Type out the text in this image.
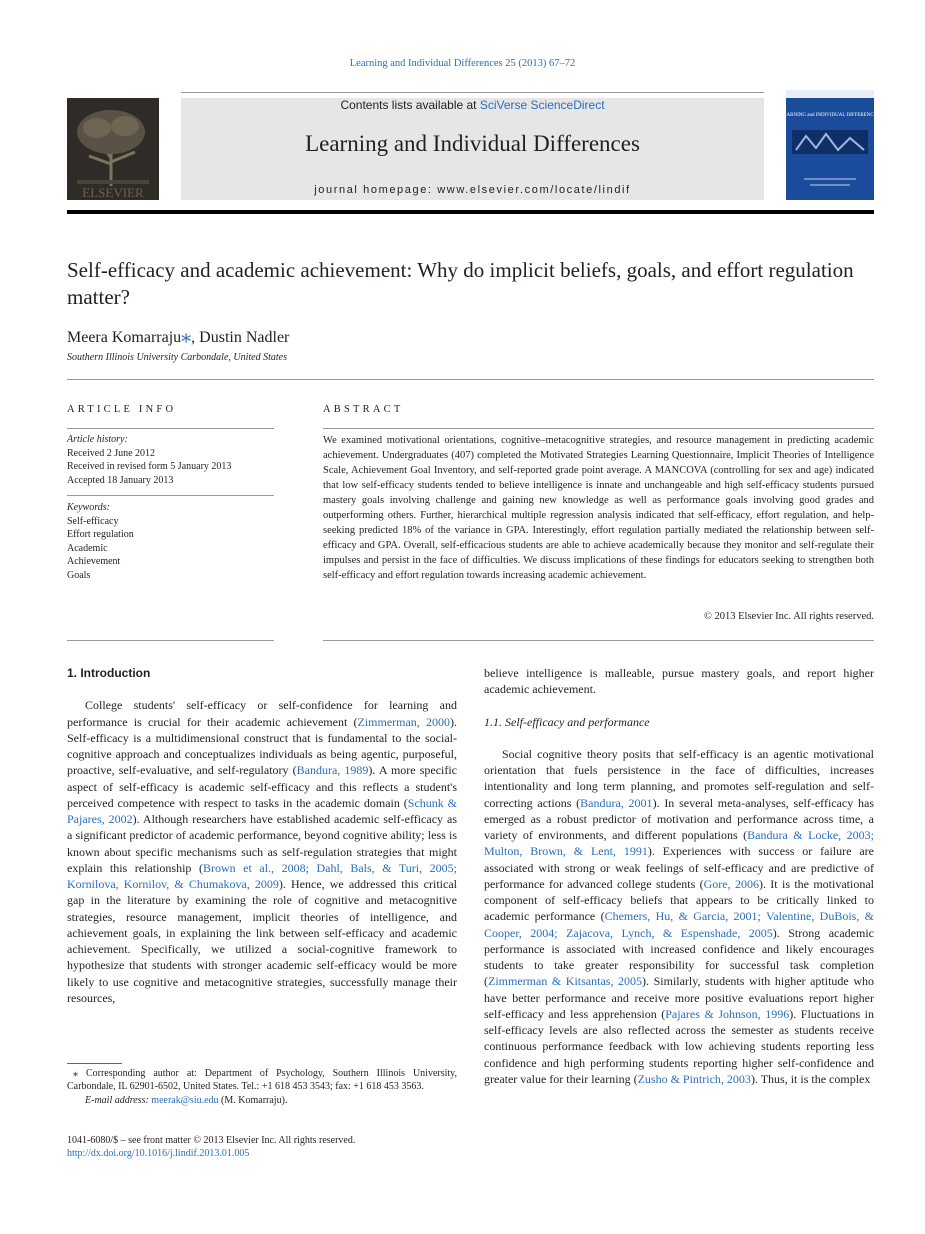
Learning and Individual Differences 25 (2013) 67–72
ELSEVIER
Contents lists available at SciVerse ScienceDirect
Learning and Individual Differences
journal homepage: www.elsevier.com/locate/lindif
LEARNING and INDIVIDUAL DIFFERENCES
Self-efficacy and academic achievement: Why do implicit beliefs, goals, and effort regulation matter?
Meera Komarraju⁎, Dustin Nadler
Southern Illinois University Carbondale, United States
ARTICLE INFO
Article history:
Received 2 June 2012
Received in revised form 5 January 2013
Accepted 18 January 2013
Keywords:
Self-efficacy
Effort regulation
Academic
Achievement
Goals
ABSTRACT
We examined motivational orientations, cognitive–metacognitive strategies, and resource management in predicting academic achievement. Undergraduates (407) completed the Motivated Strategies Learning Questionnaire, Implicit Theories of Intelligence Scale, Achievement Goal Inventory, and self-reported grade point average. A MANCOVA (controlling for sex and age) indicated that low self-efficacy students tended to believe intelligence is innate and unchangeable and high self-efficacy students pursued mastery goals involving challenge and gaining new knowledge as well as performance goals involving good grades and outperforming others. Further, hierarchical multiple regression analysis indicated that self-efficacy, effort regulation, and help-seeking predicted 18% of the variance in GPA. Interestingly, effort regulation partially mediated the relationship between self-efficacy and GPA. Overall, self-efficacious students are able to achieve academically because they monitor and self-regulate their impulses and persist in the face of difficulties. We discuss implications of these findings for educators seeking to strengthen both self-efficacy and effort regulation towards increasing academic achievement.
© 2013 Elsevier Inc. All rights reserved.
1. Introduction

College students' self-efficacy or self-confidence for learning and performance is crucial for their academic achievement (Zimmerman, 2000). Self-efficacy is a multidimensional construct that is fundamental to the social-cognitive approach and conceptualizes individuals as being agentic, purposeful, proactive, self-evaluative, and self-regulatory (Bandura, 1989). A more specific aspect of self-efficacy is academic self-efficacy and this reflects a student's perceived competence with respect to tasks in the academic domain (Schunk & Pajares, 2002). Although researchers have established academic self-efficacy as a significant predictor of academic performance, beyond cognitive ability; less is known about specific mechanisms such as self-regulation strategies that might explain this relationship (Brown et al., 2008; Dahl, Bals, & Turi, 2005; Kornilova, Kornilov, & Chumakova, 2009). Hence, we addressed this critical gap in the literature by examining the role of cognitive and metacognitive strategies, resource management, implicit theories of intelligence, and achievement goals, in explaining the link between self-efficacy and academic achievement. Specifically, we utilized a social-cognitive framework to hypothesize that students with stronger academic self-efficacy would be more likely to use cognitive and metacognitive strategies, successfully manage their resources,

believe intelligence is malleable, pursue mastery goals, and report higher academic achievement.

1.1. Self-efficacy and performance

Social cognitive theory posits that self-efficacy is an agentic motivational orientation that fuels persistence in the face of difficulties, increases intentionality and long term planning, and promotes self-regulation and self-correcting actions (Bandura, 2001). In several meta-analyses, self-efficacy has emerged as a robust predictor of motivation and performance across time, a variety of environments, and different populations (Bandura & Locke, 2003; Multon, Brown, & Lent, 1991). Experiences with success or failure are associated with strong or weak feelings of self-efficacy and are predictive of performance for advanced college students (Gore, 2006). It is the motivational component of self-efficacy beliefs that appears to be critically linked to academic performance (Chemers, Hu, & Garcia, 2001; Valentine, DuBois, & Cooper, 2004; Zajacova, Lynch, & Espenshade, 2005). Strong academic performance is associated with increased confidence and likely encourages students to take greater responsibility for successful task completion (Zimmerman & Kitsantas, 2005). Similarly, students with higher aptitude who have better performance and receive more positive evaluations report higher self-efficacy and less apprehension (Pajares & Johnson, 1996). Fluctuations in self-efficacy levels are also reflected across the semester as students receive continuous performance feedback with low achieving students reporting less confidence and high performing students reporting higher self-confidence and greater value for their learning (Zusho & Pintrich, 2003). Thus, it is the complex

⁎ Corresponding author at: Department of Psychology, Southern Illinois University, Carbondale, IL 62901-6502, United States. Tel.: +1 618 453 3543; fax: +1 618 453 3563.
E-mail address: meerak@siu.edu (M. Komarraju).
1041-6080/$ – see front matter © 2013 Elsevier Inc. All rights reserved.
http://dx.doi.org/10.1016/j.lindif.2013.01.005
